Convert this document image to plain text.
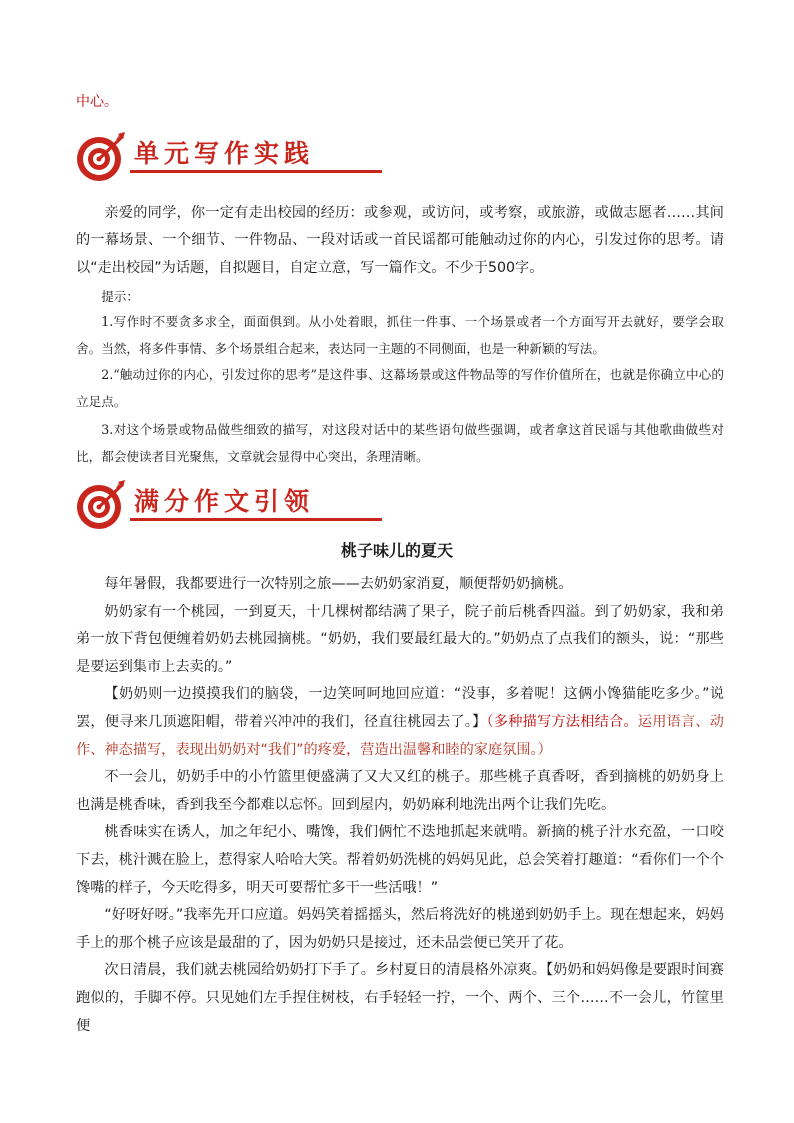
中心。
单元写作实践

亲爱的同学，你一定有走出校园的经历：或参观，或访问，或考察，或旅游，或做志愿者……其间的一幕场景、一个细节、一件物品、一段对话或一首民谣都可能触动过你的内心，引发过你的思考。请以“走出校园”为话题，自拟题目，自定立意，写一篇作文。不少于500字。

提示：

1.写作时不要贪多求全，面面俱到。从小处着眼，抓住一件事、一个场景或者一个方面写开去就好，要学会取舍。当然，将多件事情、多个场景组合起来，表达同一主题的不同侧面，也是一种新颖的写法。

2.“触动过你的内心，引发过你的思考”是这件事、这幕场景或这件物品等的写作价值所在，也就是你确立中心的立足点。

3.对这个场景或物品做些细致的描写，对这段对话中的某些语句做些强调，或者拿这首民谣与其他歌曲做些对比，都会使读者目光聚焦，文章就会显得中心突出，条理清晰。

满分作文引领
桃子味儿的夏天

每年暑假，我都要进行一次特别之旅——去奶奶家消夏，顺便帮奶奶摘桃。

奶奶家有一个桃园，一到夏天，十几棵树都结满了果子，院子前后桃香四溢。到了奶奶家，我和弟弟一放下背包便缠着奶奶去桃园摘桃。“奶奶，我们要最红最大的。”奶奶点了点我们的额头，说：“那些是要运到集市上去卖的。”

【奶奶则一边摸摸我们的脑袋，一边笑呵呵地回应道：“没事，多着呢！这俩小馋猫能吃多少。”说罢，便寻来几顶遮阳帽，带着兴冲冲的我们，径直往桃园去了。】（多种描写方法相结合。运用语言、动作、神态描写，表现出奶奶对“我们”的疼爱，营造出温馨和睦的家庭氛围。）

不一会儿，奶奶手中的小竹篮里便盛满了又大又红的桃子。那些桃子真香呀，香到摘桃的奶奶身上也满是桃香味，香到我至今都难以忘怀。回到屋内，奶奶麻利地洗出两个让我们先吃。

桃香味实在诱人，加之年纪小、嘴馋，我们俩忙不迭地抓起来就啃。新摘的桃子汁水充盈，一口咬下去，桃汁溅在脸上，惹得家人哈哈大笑。帮着奶奶洗桃的妈妈见此，总会笑着打趣道：“看你们一个个馋嘴的样子，今天吃得多，明天可要帮忙多干一些活哦！”

“好呀好呀。”我率先开口应道。妈妈笑着摇摇头，然后将洗好的桃递到奶奶手上。现在想起来，妈妈手上的那个桃子应该是最甜的了，因为奶奶只是接过，还未品尝便已笑开了花。

次日清晨，我们就去桃园给奶奶打下手了。乡村夏日的清晨格外凉爽。【奶奶和妈妈像是要跟时间赛跑似的，手脚不停。只见她们左手捏住树枝，右手轻轻一拧，一个、两个、三个……不一会儿，竹筐里便
